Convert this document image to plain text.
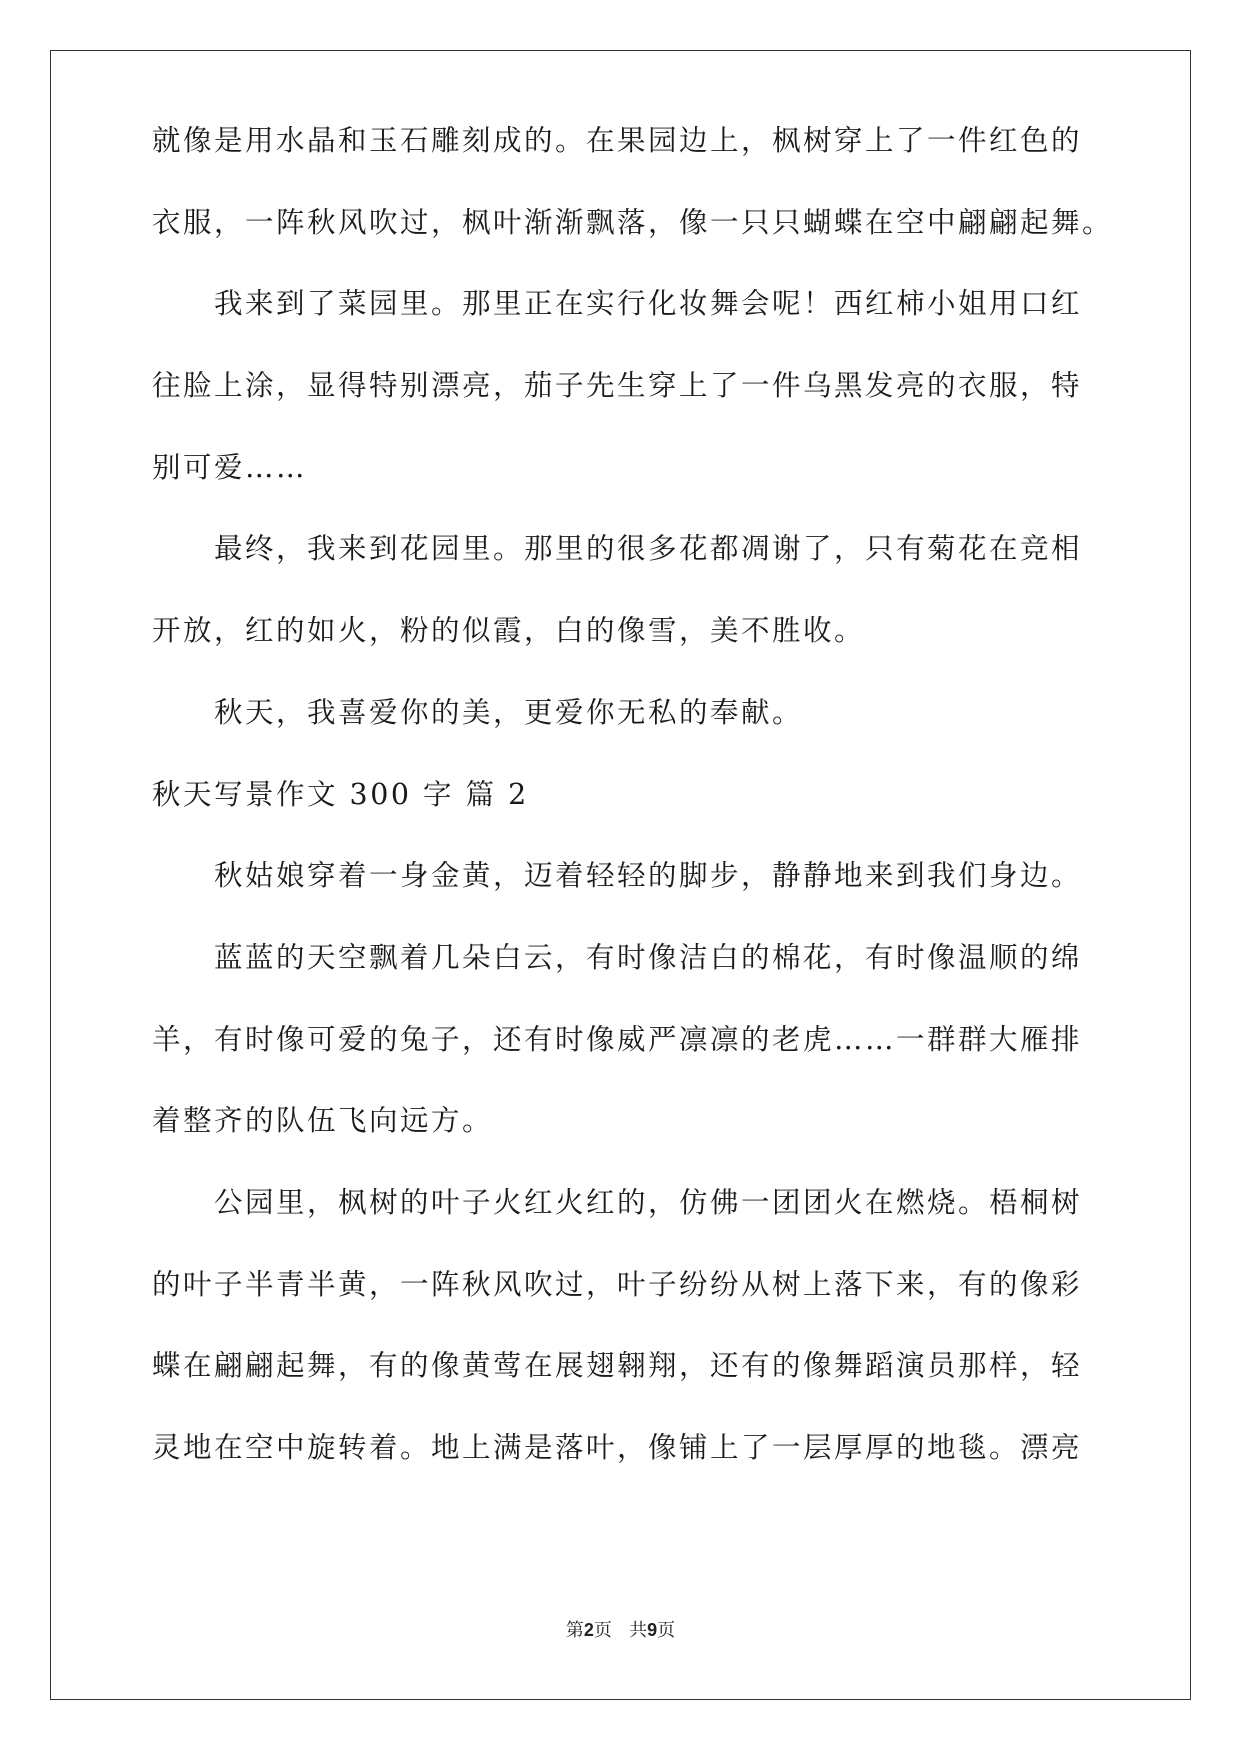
就像是用水晶和玉石雕刻成的。在果园边上，枫树穿上了一件红色的
衣服，一阵秋风吹过，枫叶渐渐飘落，像一只只蝴蝶在空中翩翩起舞。
我来到了菜园里。那里正在实行化妆舞会呢！西红柿小姐用口红
往脸上涂，显得特别漂亮，茄子先生穿上了一件乌黑发亮的衣服，特
别可爱……
最终，我来到花园里。那里的很多花都凋谢了，只有菊花在竞相
开放，红的如火，粉的似霞，白的像雪，美不胜收。
秋天，我喜爱你的美，更爱你无私的奉献。
秋天写景作文 300 字 篇 2
秋姑娘穿着一身金黄，迈着轻轻的脚步，静静地来到我们身边。
蓝蓝的天空飘着几朵白云，有时像洁白的棉花，有时像温顺的绵
羊，有时像可爱的兔子，还有时像威严凛凛的老虎……一群群大雁排
着整齐的队伍飞向远方。
公园里，枫树的叶子火红火红的，仿佛一团团火在燃烧。梧桐树
的叶子半青半黄，一阵秋风吹过，叶子纷纷从树上落下来，有的像彩
蝶在翩翩起舞，有的像黄莺在展翅翱翔，还有的像舞蹈演员那样，轻
灵地在空中旋转着。地上满是落叶，像铺上了一层厚厚的地毯。漂亮
第2页 共9页
